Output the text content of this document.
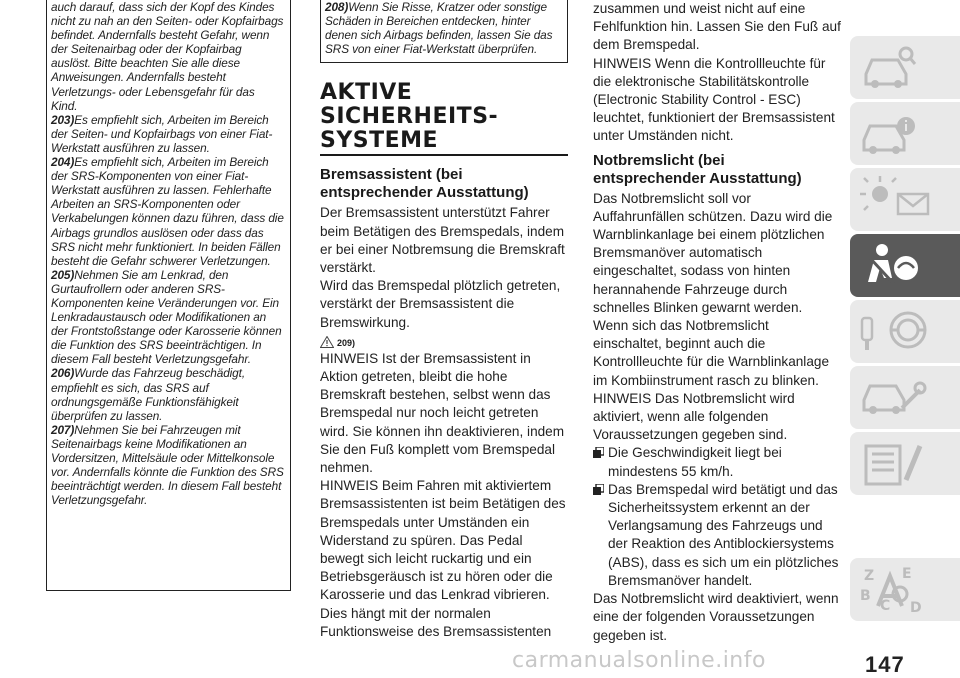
auch darauf, dass sich der Kopf des Kindes nicht zu nah an den Seiten- oder Kopfairbags befindet. Andernfalls besteht Gefahr, wenn der Seitenairbag oder der Kopfairbag auslöst. Bitte beachten Sie alle diese Anweisungen. Andernfalls besteht Verletzungs- oder Lebensgefahr für das Kind.

203)Es empfiehlt sich, Arbeiten im Bereich der Seiten- und Kopfairbags von einer Fiat-Werkstatt ausführen zu lassen.

204)Es empfiehlt sich, Arbeiten im Bereich der SRS-Komponenten von einer Fiat-Werkstatt ausführen zu lassen. Fehlerhafte Arbeiten an SRS-Komponenten oder Verkabelungen können dazu führen, dass die Airbags grundlos auslösen oder dass das SRS nicht mehr funktioniert. In beiden Fällen besteht die Gefahr schwerer Verletzungen.

205)Nehmen Sie am Lenkrad, den Gurtaufrollern oder anderen SRS-Komponenten keine Veränderungen vor. Ein Lenkradaustausch oder Modifikationen an der Frontstoßstange oder Karosserie können die Funktion des SRS beeinträchtigen. In diesem Fall besteht Verletzungsgefahr.

206)Wurde das Fahrzeug beschädigt, empfiehlt es sich, das SRS auf ordnungsgemäße Funktionsfähigkeit überprüfen zu lassen.

207)Nehmen Sie bei Fahrzeugen mit Seitenairbags keine Modifikationen an Vordersitzen, Mittelsäule oder Mittelkonsole vor. Andernfalls könnte die Funktion des SRS beeinträchtigt werden. In diesem Fall besteht Verletzungsgefahr.

208)Wenn Sie Risse, Kratzer oder sonstige Schäden in Bereichen entdecken, hinter denen sich Airbags befinden, lassen Sie das SRS von einer Fiat-Werkstatt überprüfen.

AKTIVE
SICHERHEITS-
SYSTEME
Bremsassistent (bei entsprechender Ausstattung)

Der Bremsassistent unterstützt Fahrer beim Betätigen des Bremspedals, indem er bei einer Notbremsung die Bremskraft verstärkt.

Wird das Bremspedal plötzlich getreten, verstärkt der Bremsassistent die Bremswirkung.

209)

HINWEIS Ist der Bremsassistent in Aktion getreten, bleibt die hohe Bremskraft bestehen, selbst wenn das Bremspedal nur noch leicht getreten wird. Sie können ihn deaktivieren, indem Sie den Fuß komplett vom Bremspedal nehmen.

HINWEIS Beim Fahren mit aktiviertem Bremsassistenten ist beim Betätigen des Bremspedals unter Umständen ein Widerstand zu spüren. Das Pedal bewegt sich leicht ruckartig und ein Betriebsgeräusch ist zu hören oder die Karosserie und das Lenkrad vibrieren. Dies hängt mit der normalen Funktionsweise des Bremsassistenten

zusammen und weist nicht auf eine Fehlfunktion hin. Lassen Sie den Fuß auf dem Bremspedal.

HINWEIS Wenn die Kontrollleuchte für die elektronische Stabilitätskontrolle (Electronic Stability Control - ESC) leuchtet, funktioniert der Bremsassistent unter Umständen nicht.

Notbremslicht (bei entsprechender Ausstattung)

Das Notbremslicht soll vor Auffahrunfällen schützen. Dazu wird die Warnblinkanlage bei einem plötzlichen Bremsmanöver automatisch eingeschaltet, sodass von hinten herannahende Fahrzeuge durch schnelles Blinken gewarnt werden. Wenn sich das Notbremslicht einschaltet, beginnt auch die Kontrollleuchte für die Warnblinkanlage im Kombiinstrument rasch zu blinken.

HINWEIS Das Notbremslicht wird aktiviert, wenn alle folgenden Voraussetzungen gegeben sind.

Die Geschwindigkeit liegt bei mindestens 55 km/h.

Das Bremspedal wird betätigt und das Sicherheitssystem erkennt an der Verlangsamung des Fahrzeugs und der Reaktion des Antiblockiersystems (ABS), dass es sich um ein plötzliches Bremsmanöver handelt.

Das Notbremslicht wird deaktiviert, wenn eine der folgenden Voraussetzungen gegeben ist.

Z E
B
C D
carmanualsonline.info	147
